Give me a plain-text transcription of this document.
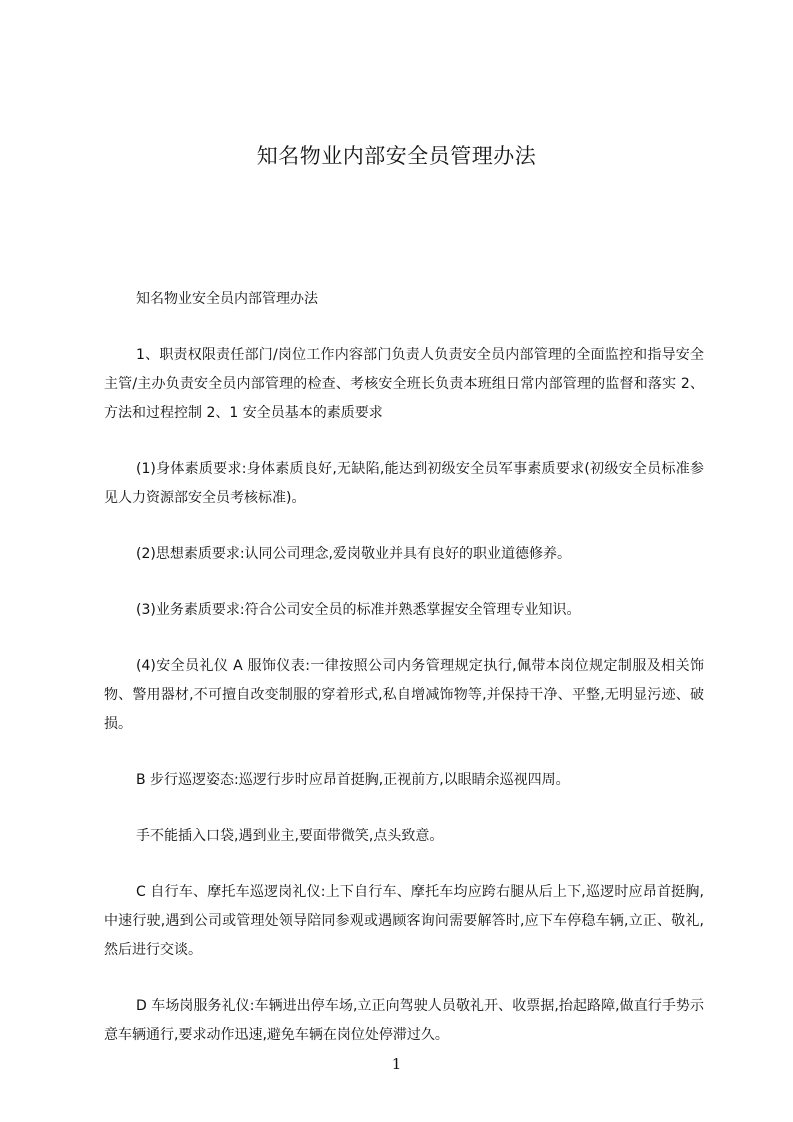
知名物业内部安全员管理办法

知名物业安全员内部管理办法

1、职责权限责任部门/岗位工作内容部门负责人负责安全员内部管理的全面监控和指导安全主管/主办负责安全员内部管理的检查、考核安全班长负责本班组日常内部管理的监督和落实 2、方法和过程控制 2、1 安全员基本的素质要求

(1)身体素质要求:身体素质良好,无缺陷,能达到初级安全员军事素质要求(初级安全员标准参见人力资源部安全员考核标准)。

(2)思想素质要求:认同公司理念,爱岗敬业并具有良好的职业道德修养。

(3)业务素质要求:符合公司安全员的标准并熟悉掌握安全管理专业知识。

(4)安全员礼仪 A 服饰仪表:一律按照公司内务管理规定执行,佩带本岗位规定制服及相关饰物、警用器材,不可擅自改变制服的穿着形式,私自增减饰物等,并保持干净、平整,无明显污迹、破损。

B 步行巡逻姿态:巡逻行步时应昂首挺胸,正视前方,以眼睛余巡视四周。

手不能插入口袋,遇到业主,要面带微笑,点头致意。

C 自行车、摩托车巡逻岗礼仪:上下自行车、摩托车均应跨右腿从后上下,巡逻时应昂首挺胸,中速行驶,遇到公司或管理处领导陪同参观或遇顾客询问需要解答时,应下车停稳车辆,立正、敬礼,然后进行交谈。

D 车场岗服务礼仪:车辆进出停车场,立正向驾驶人员敬礼开、收票据,抬起路障,做直行手势示意车辆通行,要求动作迅速,避免车辆在岗位处停滞过久。

1
